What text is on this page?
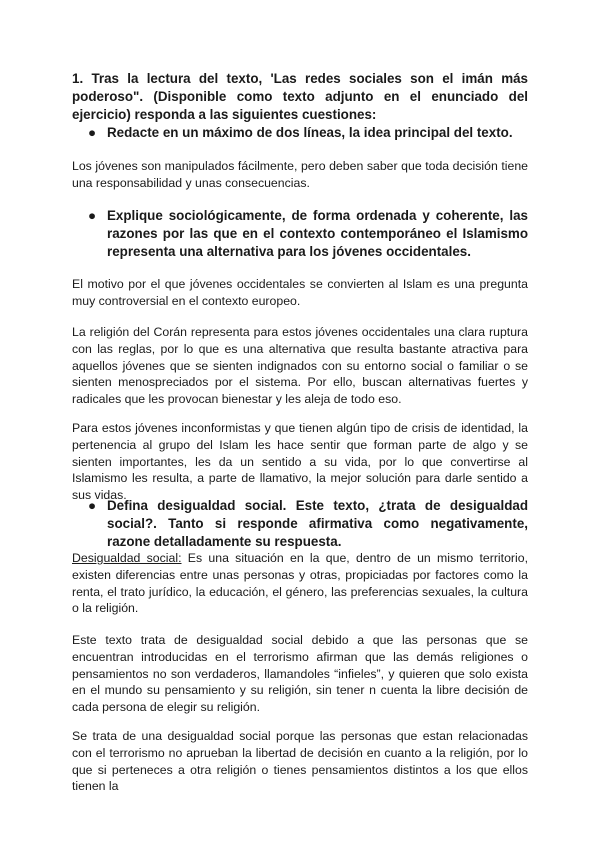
1. Tras la lectura del texto, 'Las redes sociales son el imán más poderoso". (Disponible como texto adjunto en el enunciado del ejercicio) responda a las siguientes cuestiones:

● Redacte en un máximo de dos líneas, la idea principal del texto.

Los jóvenes son manipulados fácilmente, pero deben saber que toda decisión tiene una responsabilidad y unas consecuencias.

● Explique sociológicamente, de forma ordenada y coherente, las razones por las que en el contexto contemporáneo el Islamismo representa una alternativa para los jóvenes occidentales.

El motivo por el que jóvenes occidentales se convierten al Islam es una pregunta muy controversial en el contexto europeo.

La religión del Corán representa para estos jóvenes occidentales una clara ruptura con las reglas, por lo que es una alternativa que resulta bastante atractiva para aquellos jóvenes que se sienten indignados con su entorno social o familiar o se sienten menospreciados por el sistema. Por ello, buscan alternativas fuertes y radicales que les provocan bienestar y les aleja de todo eso.

Para estos jóvenes inconformistas y que tienen algún tipo de crisis de identidad, la pertenencia al grupo del Islam les hace sentir que forman parte de algo y se sienten importantes, les da un sentido a su vida, por lo que convertirse al Islamismo les resulta, a parte de llamativo, la mejor solución para darle sentido a sus vidas.

● Defina desigualdad social. Este texto, ¿trata de desigualdad social?. Tanto si responde afirmativa como negativamente, razone detalladamente su respuesta.

Desigualdad social: Es una situación en la que, dentro de un mismo territorio, existen diferencias entre unas personas y otras, propiciadas por factores como la renta, el trato jurídico, la educación, el género, las preferencias sexuales, la cultura o la religión.

Este texto trata de desigualdad social debido a que las personas que se encuentran introducidas en el terrorismo afirman que las demás religiones o pensamientos no son verdaderos, llamandoles “infieles”, y quieren que solo exista en el mundo su pensamiento y su religión, sin tener n cuenta la libre decisión de cada persona de elegir su religión.

Se trata de una desigualdad social porque las personas que estan relacionadas con el terrorismo no aprueban la libertad de decisión en cuanto a la religión, por lo que si perteneces a otra religión o tienes pensamientos distintos a los que ellos tienen la
